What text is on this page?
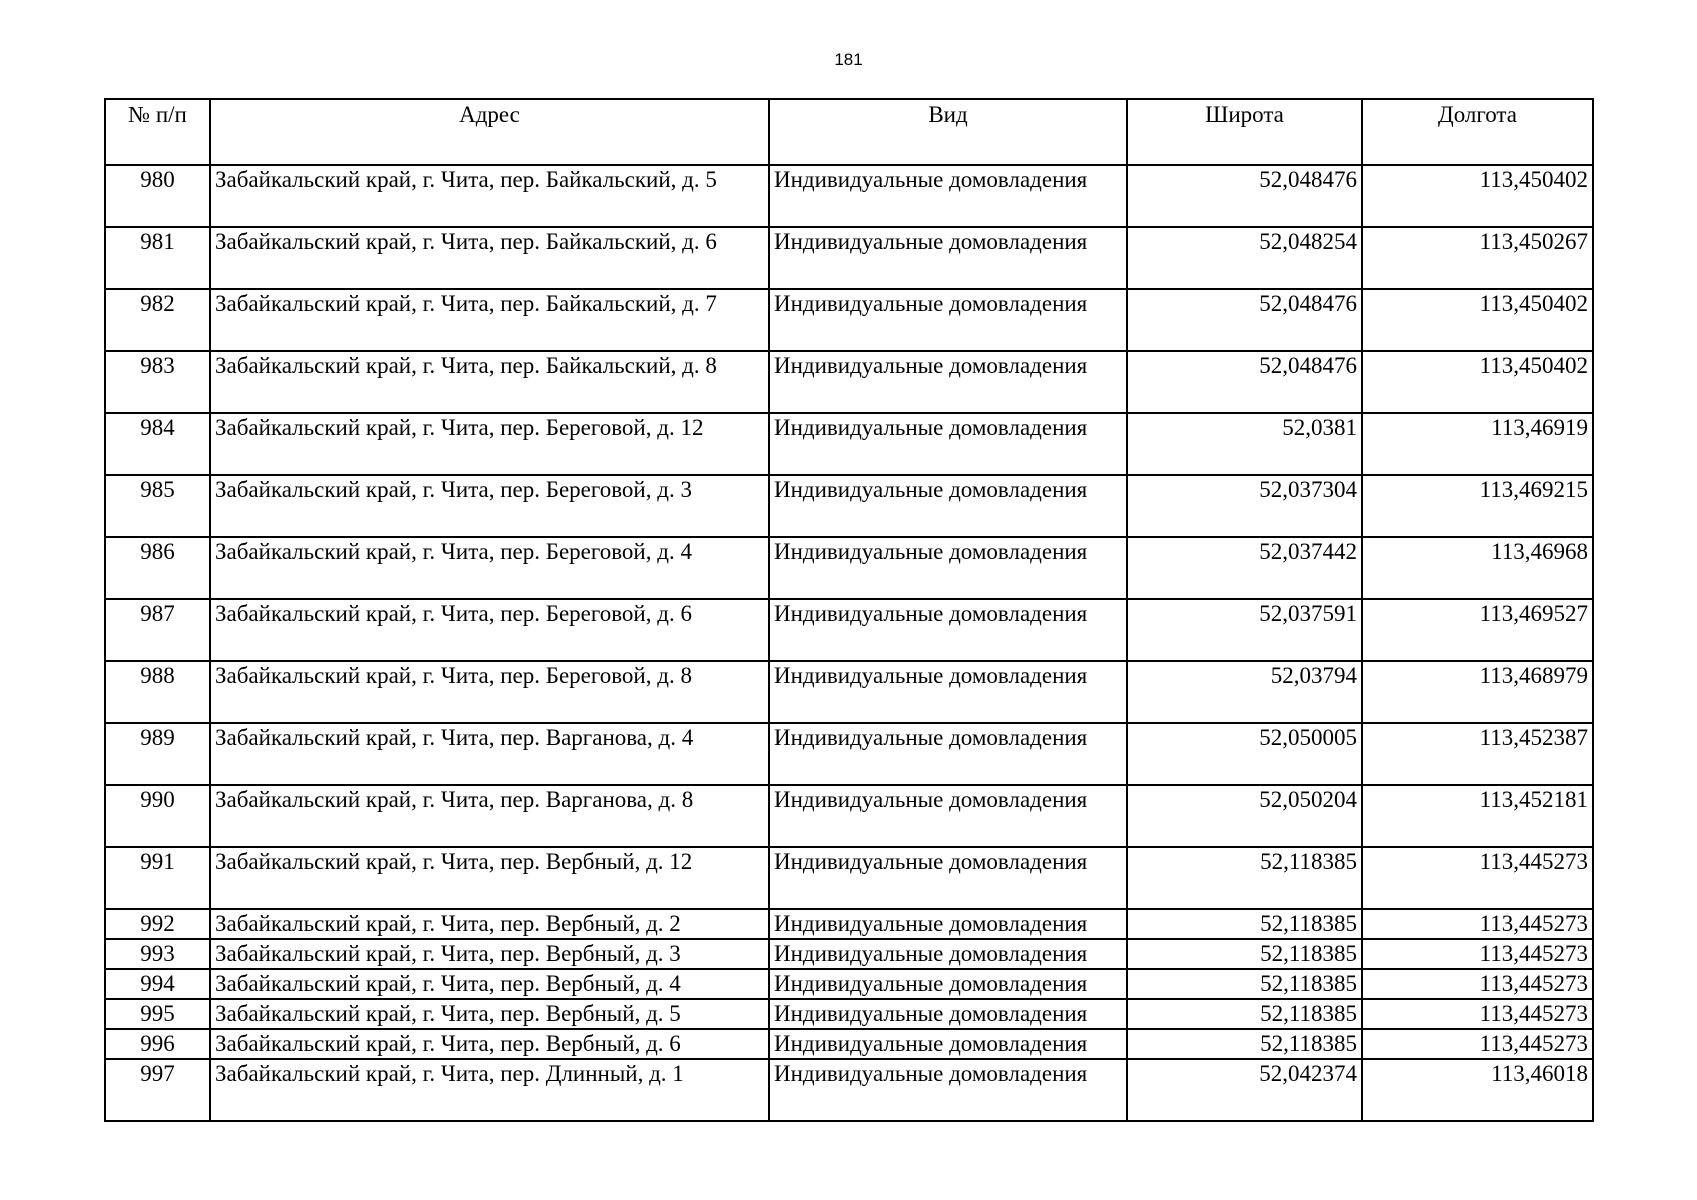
181
№ п/п	Адрес	Вид	Широта	Долгота
980	Забайкальский край, г. Чита, пер. Байкальский, д. 5	Индивидуальные домовладения	52,048476	113,450402
981	Забайкальский край, г. Чита, пер. Байкальский, д. 6	Индивидуальные домовладения	52,048254	113,450267
982	Забайкальский край, г. Чита, пер. Байкальский, д. 7	Индивидуальные домовладения	52,048476	113,450402
983	Забайкальский край, г. Чита, пер. Байкальский, д. 8	Индивидуальные домовладения	52,048476	113,450402
984	Забайкальский край, г. Чита, пер. Береговой, д. 12	Индивидуальные домовладения	52,0381	113,46919
985	Забайкальский край, г. Чита, пер. Береговой, д. 3	Индивидуальные домовладения	52,037304	113,469215
986	Забайкальский край, г. Чита, пер. Береговой, д. 4	Индивидуальные домовладения	52,037442	113,46968
987	Забайкальский край, г. Чита, пер. Береговой, д. 6	Индивидуальные домовладения	52,037591	113,469527
988	Забайкальский край, г. Чита, пер. Береговой, д. 8	Индивидуальные домовладения	52,03794	113,468979
989	Забайкальский край, г. Чита, пер. Варганова, д. 4	Индивидуальные домовладения	52,050005	113,452387
990	Забайкальский край, г. Чита, пер. Варганова, д. 8	Индивидуальные домовладения	52,050204	113,452181
991	Забайкальский край, г. Чита, пер. Вербный, д. 12	Индивидуальные домовладения	52,118385	113,445273
992	Забайкальский край, г. Чита, пер. Вербный, д. 2	Индивидуальные домовладения	52,118385	113,445273
993	Забайкальский край, г. Чита, пер. Вербный, д. 3	Индивидуальные домовладения	52,118385	113,445273
994	Забайкальский край, г. Чита, пер. Вербный, д. 4	Индивидуальные домовладения	52,118385	113,445273
995	Забайкальский край, г. Чита, пер. Вербный, д. 5	Индивидуальные домовладения	52,118385	113,445273
996	Забайкальский край, г. Чита, пер. Вербный, д. 6	Индивидуальные домовладения	52,118385	113,445273
997	Забайкальский край, г. Чита, пер. Длинный, д. 1	Индивидуальные домовладения	52,042374	113,46018
